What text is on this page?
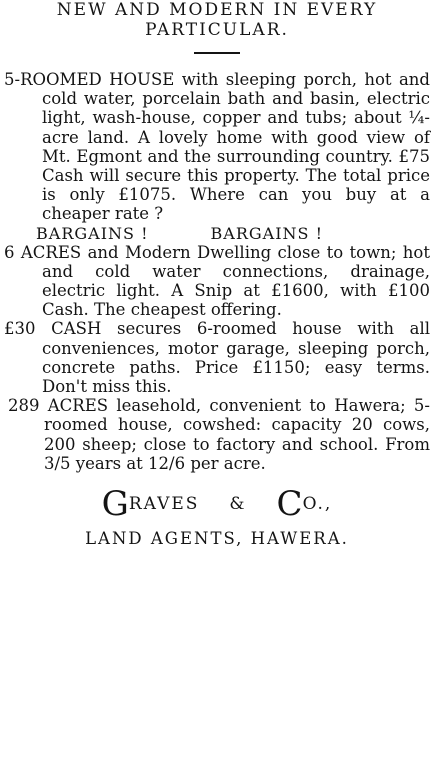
NEW AND MODERN IN EVERY

PARTICULAR.

5-ROOMED HOUSE with sleeping porch, hot and cold water, porcelain bath and basin, electric light, wash-house, copper and tubs; about ¼-acre land. A lovely home with good view of Mt. Egmont and the surrounding country. £75 Cash will secure this property. The total price is only £1075. Where can you buy at a cheaper rate ?

BARGAINS !	BARGAINS !

6 ACRES and Modern Dwelling close to town; hot and cold water connections, drainage, electric light. A Snip at £1600, with £100 Cash. The cheapest offering.

£30 CASH secures 6-roomed house with all conveniences, motor garage, sleeping porch, concrete paths. Price £1150; easy terms. Don't miss this.

289 ACRES leasehold, convenient to Hawera; 5-roomed house, cowshed: capacity 20 cows, 200 sheep; close to factory and school. From 3/5 years at 12/6 per acre.

GRAVES & CO.,
LAND AGENTS, HAWERA.
